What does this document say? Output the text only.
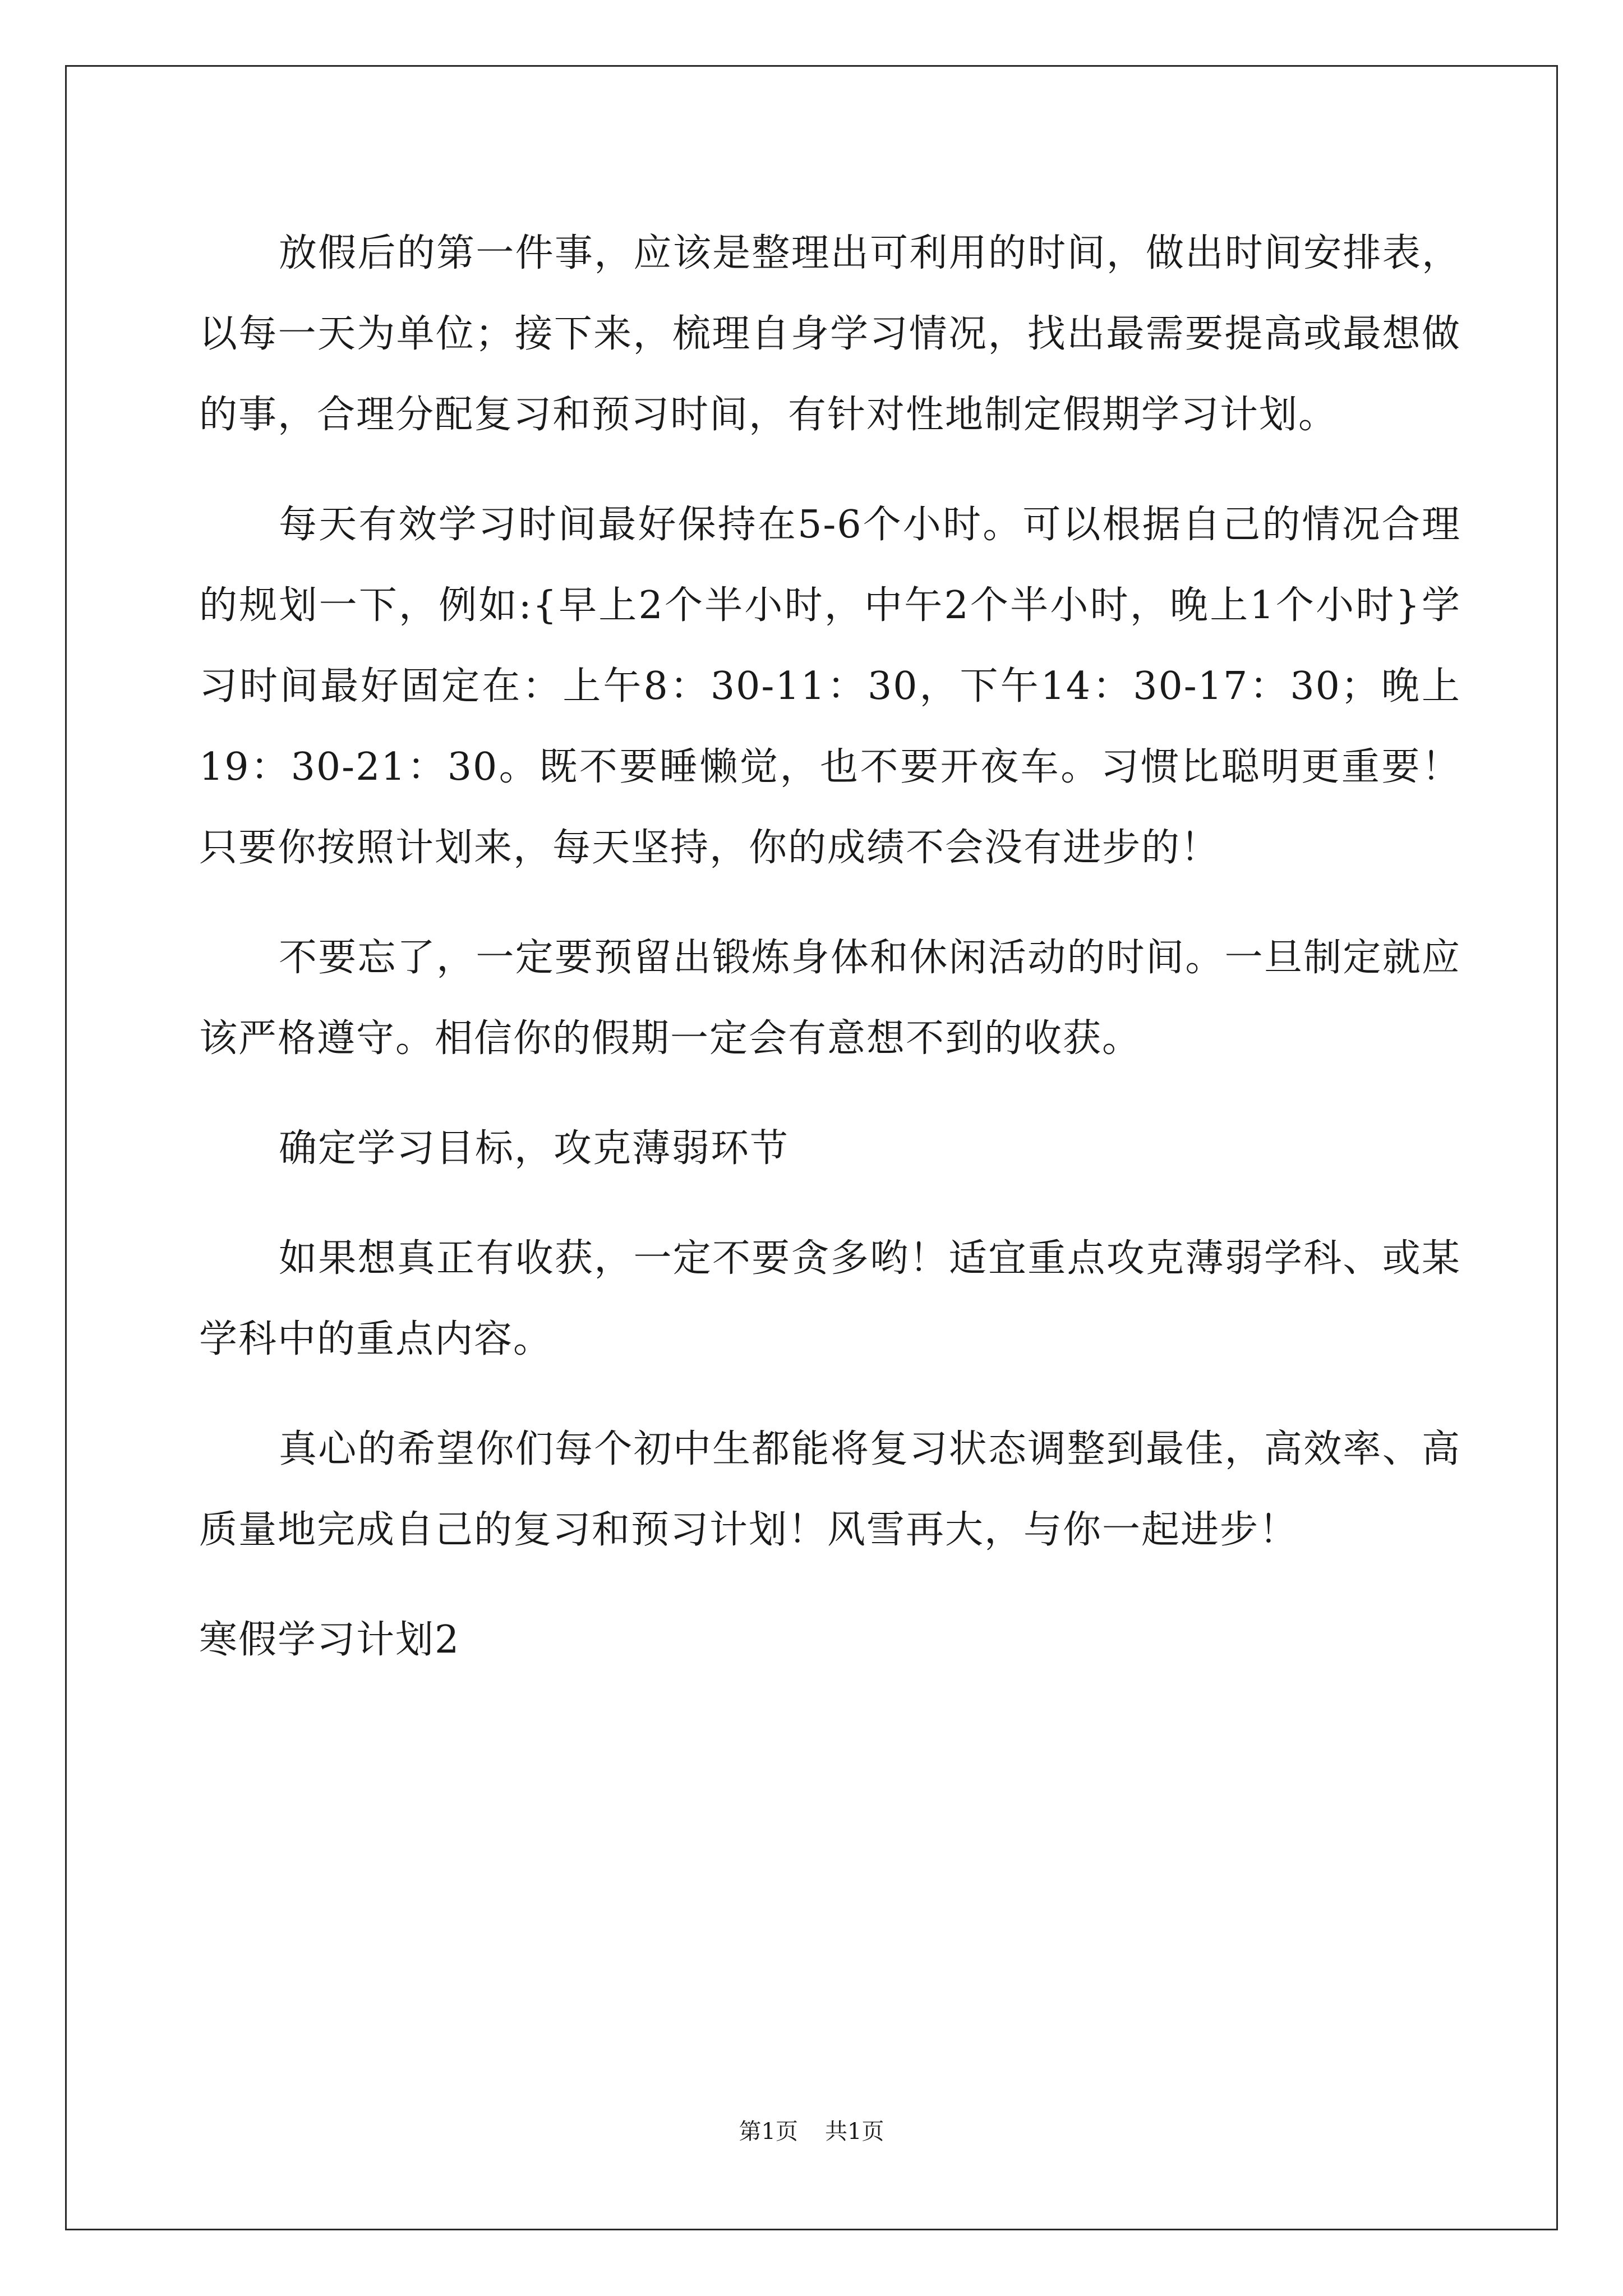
放假后的第一件事，应该是整理出可利用的时间，做出时间安排表，以每一天为单位；接下来，梳理自身学习情况，找出最需要提高或最想做的事，合理分配复习和预习时间，有针对性地制定假期学习计划。

每天有效学习时间最好保持在5-6个小时。可以根据自己的情况合理的规划一下，例如:{早上2个半小时，中午2个半小时，晚上1个小时}学习时间最好固定在：上午8：30-11：30，下午14：30-17：30；晚上19：30-21：30。既不要睡懒觉，也不要开夜车。习惯比聪明更重要！只要你按照计划来，每天坚持，你的成绩不会没有进步的！

不要忘了，一定要预留出锻炼身体和休闲活动的时间。一旦制定就应该严格遵守。相信你的假期一定会有意想不到的收获。

确定学习目标，攻克薄弱环节

如果想真正有收获，一定不要贪多哟！适宜重点攻克薄弱学科、或某学科中的重点内容。

真心的希望你们每个初中生都能将复习状态调整到最佳，高效率、高质量地完成自己的复习和预习计划！风雪再大，与你一起进步！

寒假学习计划2

第1页 共1页
